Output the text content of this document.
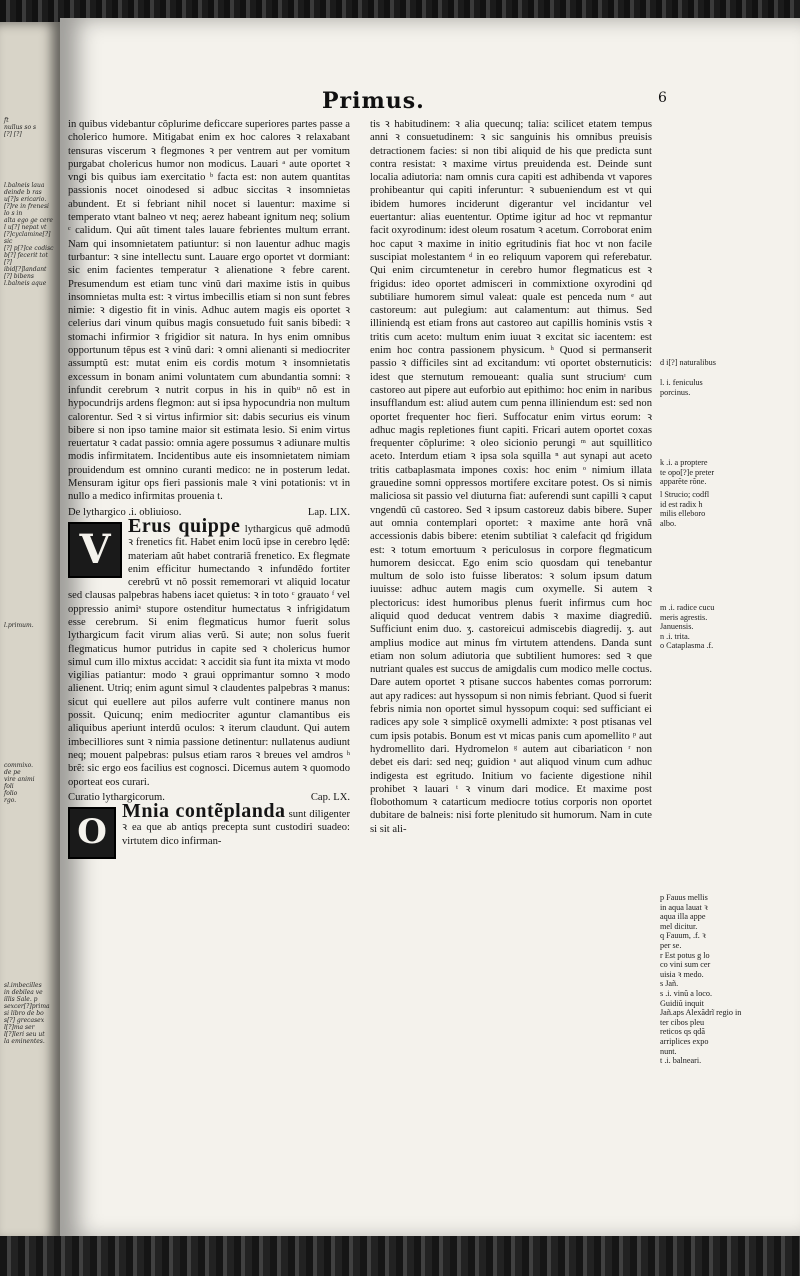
ft
nullus so s
[?] [?]
l.balneis laua
deinde b ras
u[?]s ericario.
[?]re in frenesi
lo s in
alta ego ge cere
l u[?] nepat vt
[?]cyclamine[?] sic
[?] p[?]ce codisc
b[?] fecerit tot
[?] ibid[?]landant
[?] bibens
l.balneis aque
l.primum.
commixo.
de pe
vire animi
foli
folio
rgo.
sl.imbecilles
in debilea ve
illis Sale. p
sexcer[?]prima
si libro de bo
s[?] grecasex
l[?]ma ser
l[?]leri seu ut
la eminentes.
Primus.	6

in quibus videbantur cõplurime deficcare superiores partes passe a cholerico humore. Mitigabat enim ex hoc calores ꝛ relaxabant tensuras viscerum ꝛ flegmones ꝛ per ventrem aut per vomitum purgabat cholericus humor non modicus. Lauari ᵃ aute oportet ꝛ vngi bis quibus iam exercitatio ᵇ facta est: non autem quantitas passionis nocet oinodesed si adbuc siccitas ꝛ insomnietas abundent. Et si febriant nihil nocet si lauentur: maxime si temperato vtant balneo vt neq; aerez habeant ignitum neq; solium ᶜ calidum. Qui aũt timent tales lauare febrientes multum errant. Nam qui insomnietatem patiuntur: si non lauentur adhuc magis turbantur: ꝛ sine intellectu sunt. Lauare ergo oportet vt dormiant: sic enim facientes temperatur ꝛ alienatione ꝛ febre carent. Presumendum est etiam tunc vinũ dari maxime istis in quibus insomnietas multa est: ꝛ virtus imbecillis etiam si non sunt febres nimie: ꝛ digestio fit in vinis. Adhuc autem magis eis oportet ꝛ celerius dari vinum quibus magis consuetudo fuit sanis bibedi: ꝛ stomachi infirmior ꝛ frigidior sit natura. In hys enim omnibus opportunum tẽpus est ꝛ vinũ dari: ꝛ omni alienanti si mediocriter assumptũ est: mutat enim eis cordis motum ꝛ insomnietatis excessum in bonam animi voluntatem cum abundantia somni: ꝛ infundit cerebrum ꝛ nutrit corpus in his in quibᵘ nõ est in hypocundrijs ardens flegmon: aut si ipsa hypocundria non multum calorentur. Sed ꝛ si virtus infirmior sit: dabis securius eis vinum bibere si non ipso tamine maior sit estimata lesio. Si enim virtus reuertatur ꝛ cadat passio: omnia agere possumus ꝛ adiunare multis modis infirmitatem. Incidentibus aute eis insomnietatem nimiam prouidendum est omnino curanti medico: ne in posterum ledat. Mensuram igitur ops fieri passionis male ꝛ vini potationis: vt in nullo a medico infirmitas prouenia t.

De lythargico .i. obliuioso.	Lap. LIX.
V
Erus quippe lythargicus quẽ admodũ ꝛ frenetics fit. Habet enim locũ ipse in cerebro lędẽ: materiam aũt habet contrariã frenetico. Ex flegmate enim efficitur humectando ꝛ infundẽdo fortiter cerebrũ vt nõ possit rememorari vt aliquid locatur sed clausas palpebras habens iacet quietus: ꝛ in toto ᶜ grauato ᶠ vel oppressio animiˢ stupore ostenditur humectatus ꝛ infrigidatum esse cerebrum. Si enim flegmaticus humor fuerit solus lythargicum facit virum alias verũ. Si aute; non solus fuerit flegmaticus humor putridus in capite sed ꝛ cholericus humor simul cum illo mixtus accidat: ꝛ accidit sia funt ita mixta vt modo vigilias patiantur: modo ꝛ graui opprimantur somno ꝛ modo alienent. Utriq; enim agunt simul ꝛ claudentes palpebras ꝛ manus: sicut qui euellere aut pilos auferre vult continere manus non possit. Quicunq; enim mediocriter aguntur clamantibus eis aliquibus aperiunt interdũ oculos: ꝛ iterum claudunt. Qui autem imbecilliores sunt ꝛ nimia passione detinentur: nullatenus audiunt neq; mouent palpebras: pulsus etiam raros ꝛ breues vel amdros ʰ brẽ: sic ergo eos facilius est cognosci. Dicemus autem ꝛ quomodo oporteat eos curari.
Curatio lythargicorum.	Cap. LX.
O
Mnia contẽplanda sunt diligenter ꝛ ea que ab antiqs precepta sunt custodiri suadeo: virtutem dico infirman-

tis ꝛ habitudinem: ꝛ alia quecunq; talia: scilicet etatem tempus anni ꝛ consuetudinem: ꝛ sic sanguinis his omnibus preuisis detractionem facies: si non tibi aliquid de his que predicta sunt contra resistat: ꝛ maxime virtus preuidenda est. Deinde sunt localia adiutoria: nam omnis cura capiti est adhibenda vt vapores prohibeantur qui capiti inferuntur: ꝛ subueniendum est vt qui ibidem humores inciderunt digerantur vel incidantur vel euertantur: alias euententur. Optime igitur ad hoc vt repmantur facit oxyrodinum: idest oleum rosatum ꝛ acetum. Corroborat enim hoc caput ꝛ maxime in initio egritudinis fiat hoc vt non facile suscipiat molestantem ᵈ in eo reliquum vaporem qui referebatur. Qui enim circumtenetur in cerebro humor flegmaticus est ꝛ frigidus: ideo oportet admisceri in commixtione oxyrodini qd subtiliare humorem simul valeat: quale est penceda num ᵉ aut castoreum: aut pulegium: aut calamentum: aut thimus. Sed illiniendą est etiam frons aut castoreo aut capillis hominis vstis ꝛ tritis cum aceto: multum enim iuuat ꝛ excitat sic iacentem: est enim hoc contra passionem physicum. ʰ Quod si permanserit passio ꝛ difficiles sint ad excitandum: vti oportet obsternuticis: idest que sternutum remoueant: qualia sunt struciumᶦ cum castoreo aut pipere aut euforbio aut epithimo: hoc enim in naribus insufflandum est: aliud autem cum penna illiniendum est: sed non oportet frequenter hoc fieri. Suffocatur enim virtus eorum: ꝛ adhuc magis repletiones fiunt capiti. Fricari autem oportet coxas frequenter cõplurime: ꝛ oleo sicionio perungi ᵐ aut squillitico aceto. Interdum etiam ꝛ ipsa sola squilla ⁿ aut synapi aut aceto tritis catbaplasmata impones coxis: hoc enim ᵒ nimium illata grauedine somni oppressos mortifere excitare potest. Os si nimis maliciosa sit passio vel diuturna fiat: auferendi sunt capilli ꝛ caput vngendũ cũ castoreo. Sed ꝛ ipsum castoreuz dabis bibere. Super aut omnia contemplari oportet: ꝛ maxime ante horã vnã accessionis dabis bibere: etenim subtiliat ꝛ calefacit qd frigidum est: ꝛ totum emortuum ꝛ periculosus in corpore flegmaticum humorem desiccat. Ego enim scio quosdam qui tenebantur multum de solo isto fuisse liberatos: ꝛ solum ipsum datum iuuisse: adhuc autem magis cum oxymelle. Si autem ꝛ plectoricus: idest humoribus plenus fuerit infirmus cum hoc aliquid quod deducat ventrem dabis ꝛ maxime diagrediũ. Sufficiunt enim duo. ʒ. castoreicui admiscebis diagredij. ʒ. aut amplius modice aut minus fm virtutem attendens. Danda sunt etiam non solum adiutoria que subtilient humores: sed ꝛ que nutriant quales est succus de amigdalis cum modico melle coctus. Dare autem oportet ꝛ ptisane succos habentes comas porrorum: aut apy radices: aut hyssopum si non nimis febriant. Quod si fuerit febris nimia non oportet simul hyssopum coqui: sed sufficiant ei radices apy sole ꝛ simplicẽ oxymelli admixte: ꝛ post ptisanas vel cum ipsis potabis. Bonum est vt micas panis cum apomellito ᵖ aut hydromellito dari. Hydromelon ᵍ autem aut cibariaticon ʳ non debet eis dari: sed neq; guidion ˢ aut aliquod vinum cum adhuc indigesta est egritudo. Initium vo faciente digestione nihil prohibet ꝛ lauari ᵗ ꝛ vinum dari modice. Et maxime post flobothomum ꝛ catarticum mediocre totius corporis non oportet dubitare de balneis: nisi forte plenitudo sit humorum. Nam in cute si sit ali-

d i[?] naturalibus
l. i. feniculus
porcinus.
k .i. a proptere
te opo[?]e preter
apparẽte rõne.
l Strucio; codfl
id est radix h
milis elleboro
albo.
m .i. radice cucu
meris agrestis.
Januensis.
n .i. trita.
o Cataplasma .f.
p Fauus mellis
in aqua lauat ꝛ
aqua illa appe
mel dicitur.
q Fauum, .f. ꝛ
per se.
r Est potus g lo
co vini sum cer
uisia ꝛ medo.
s Jañ.
s .i. vinũ a loco.
Guidiũ inquit
Jañ.aps Alexãdrĩ regio in
ter cibos pleu
reticos qs qdã
arriplices expo
nunt.
t .i. balneari.
